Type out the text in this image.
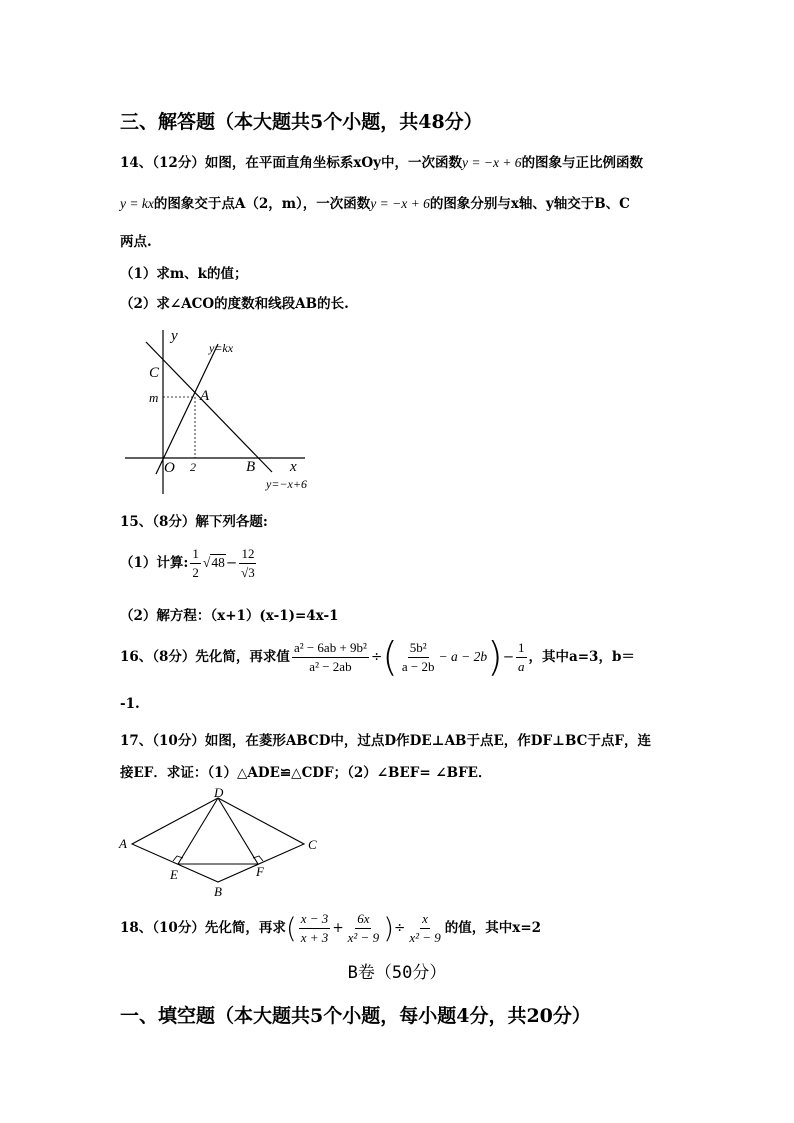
三、解答题（本大题共5个小题，共48分）
14、（12分）如图，在平面直角坐标系xOy中，一次函数y = −x + 6的图象与正比例函数
y = kx的图象交于点A（2，m），一次函数y = −x + 6的图象分别与x轴、y轴交于B、C
两点.
（1）求m、k的值；
（2）求∠ACO的度数和线段AB的长.
y
x
C
A
m
O 2	B
y=kx
y=−x+6
15、（8分）解下列各题:
（1）计算: $\frac{1}{2} √48- \frac{12}{√3}$
（2）解方程：（x+1）(x-1)=4x-1
16、（8分）先化简，再求值 $\frac{\text{a² − 6ab + 9b²}}{\text{a² − 2ab}}$ ÷( $\frac{\text{5b²}}{a - 2b} - a - 2b)- \frac{1}{a}$ ，其中a=3，b＝
-1.
17、（10分）如图，在菱形ABCD中，过点D作DE⊥AB于点E，作DF⊥BC于点F，连
接EF．求证：（1）△ADE≌△CDF；（2）∠BEF= ∠BFE．
D
A	C
E
B
F
18、（10分）先化简，再求( $\frac{x - 3}{x + 3} + \frac{6x}{\text{x² − 9}}$ )÷ $\frac{x}{\text{x² − 9}}$ 的值，其中x=2
B卷（50分）
一、填空题（本大题共5个小题，每小题4分，共20分）
